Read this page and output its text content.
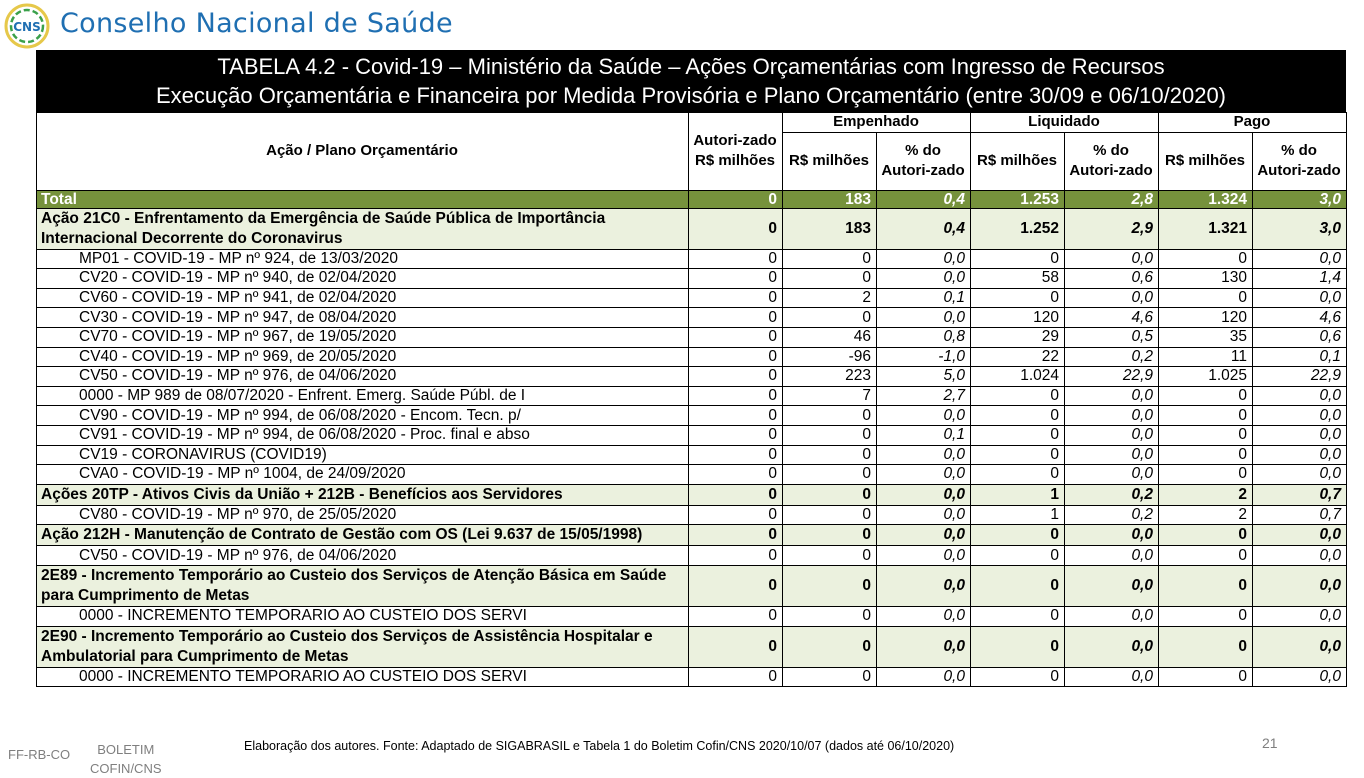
CNS Conselho Nacional de Saúde
TABELA 4.2 - Covid-19 – Ministério da Saúde – Ações Orçamentárias com Ingresso de Recursos
Execução Orçamentária e Financeira por Medida Provisória e Plano Orçamentário (entre 30/09 e 06/10/2020)
Ação / Plano Orçamentário	Autori-zado R$ milhões	Empenhado		Liquidado		Pago	
		R$ milhões	% do Autori-zado	R$ milhões	% do Autori-zado	R$ milhões	% do Autori-zado
Total	0	183	0,4	1.253	2,8	1.324	3,0
Ação 21C0 - Enfrentamento da Emergência de Saúde Pública de Importância Internacional Decorrente do Coronavirus	0	183	0,4	1.252	2,9	1.321	3,0
MP01 - COVID-19 - MP nº 924, de 13/03/2020	0	0	0,0	0	0,0	0	0,0
CV20 - COVID-19 - MP nº 940, de 02/04/2020	0	0	0,0	58	0,6	130	1,4
CV60 - COVID-19 - MP nº 941, de 02/04/2020	0	2	0,1	0	0,0	0	0,0
CV30 - COVID-19 - MP nº 947, de 08/04/2020	0	0	0,0	120	4,6	120	4,6
CV70 - COVID-19 - MP nº 967, de 19/05/2020	0	46	0,8	29	0,5	35	0,6
CV40 - COVID-19 - MP nº 969, de 20/05/2020	0	-96	-1,0	22	0,2	11	0,1
CV50 - COVID-19 - MP nº 976, de 04/06/2020	0	223	5,0	1.024	22,9	1.025	22,9
0000 - MP 989 de 08/07/2020 - Enfrent. Emerg. Saúde Públ. de I	0	7	2,7	0	0,0	0	0,0
CV90 - COVID-19 - MP nº 994, de 06/08/2020 - Encom. Tecn. p/	0	0	0,0	0	0,0	0	0,0
CV91 - COVID-19 - MP nº 994, de 06/08/2020 - Proc. final e abso	0	0	0,1	0	0,0	0	0,0
CV19 - CORONAVIRUS (COVID19)	0	0	0,0	0	0,0	0	0,0
CVA0 - COVID-19 - MP nº 1004, de 24/09/2020	0	0	0,0	0	0,0	0	0,0
Ações 20TP - Ativos Civis da União + 212B - Benefícios aos Servidores	0	0	0,0	1	0,2	2	0,7
CV80 - COVID-19 - MP nº 970, de 25/05/2020	0	0	0,0	1	0,2	2	0,7
Ação 212H - Manutenção de Contrato de Gestão com OS (Lei 9.637 de 15/05/1998)	0	0	0,0	0	0,0	0	0,0
CV50 - COVID-19 - MP nº 976, de 04/06/2020	0	0	0,0	0	0,0	0	0,0
2E89 - Incremento Temporário ao Custeio dos Serviços de Atenção Básica em Saúde para Cumprimento de Metas	0	0	0,0	0	0,0	0	0,0
0000 - INCREMENTO TEMPORARIO AO CUSTEIO DOS SERVI	0	0	0,0	0	0,0	0	0,0
2E90 - Incremento Temporário ao Custeio dos Serviços de Assistência Hospitalar e Ambulatorial para Cumprimento de Metas	0	0	0,0	0	0,0	0	0,0
0000 - INCREMENTO TEMPORARIO AO CUSTEIO DOS SERVI	0	0	0,0	0	0,0	0	0,0
FF-RB-CO	BOLETIM
COFIN/CNS
Elaboração dos autores. Fonte: Adaptado de SIGABRASIL e Tabela 1 do Boletim Cofin/CNS 2020/10/07 (dados até 06/10/2020)	21
